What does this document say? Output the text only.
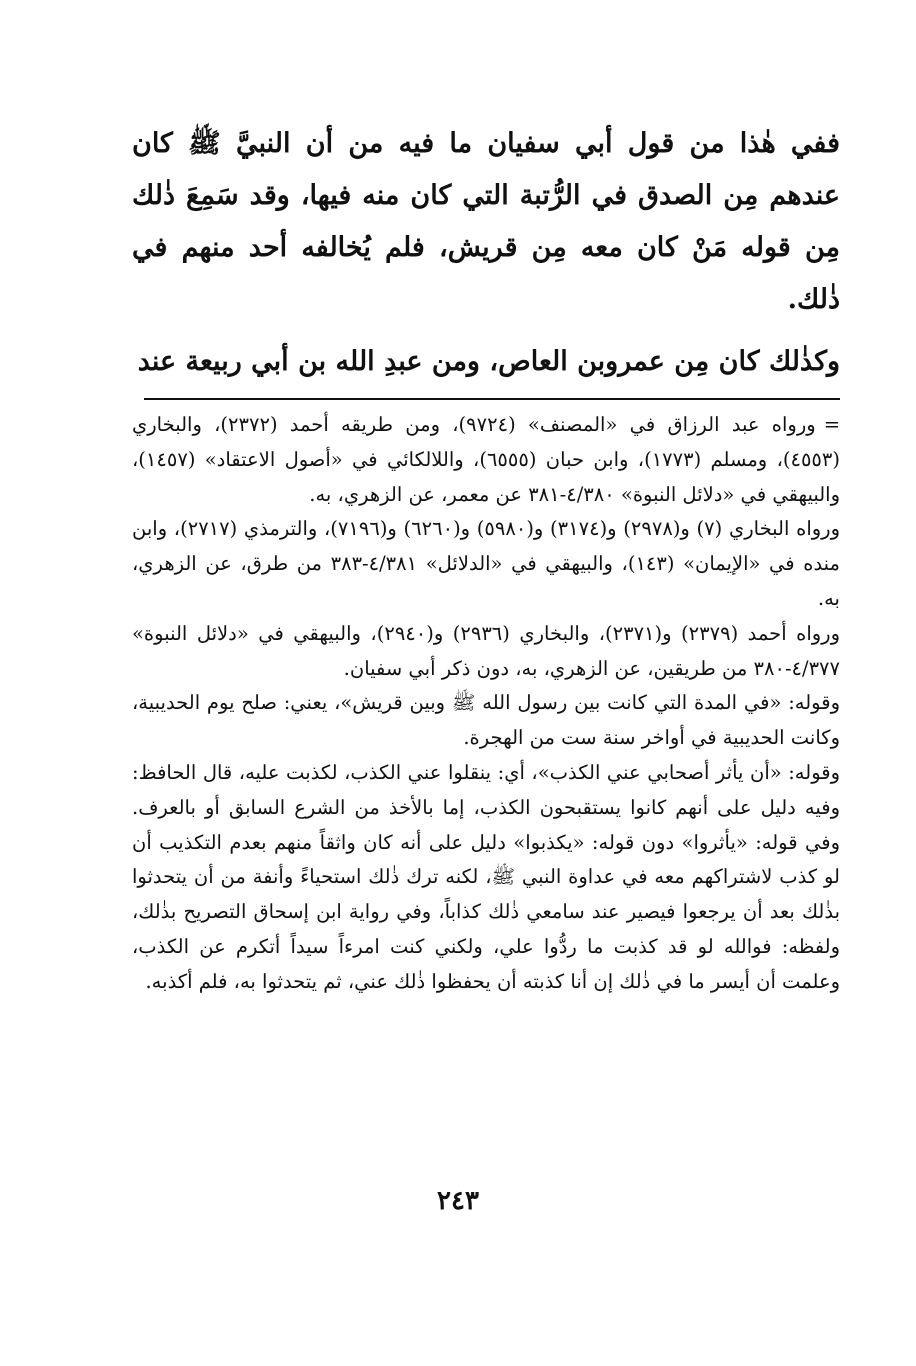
ففي هٰذا من قول أبي سفيان ما فيه من أن النبيَّ ﷺ كان عندهم مِن الصدق في الرُّتبة التي كان منه فيها، وقد سَمِعَ ذٰلك مِن قوله مَنْ كان معه مِن قريش، فلم يُخالفه أحد منهم في ذٰلك.

وكذٰلك كان مِن عمروبن العاص، ومن عبدِ الله بن أبي ربيعة عند

=ورواه عبد الرزاق في «المصنف» (٩٧٢٤)، ومن طريقه أحمد (٢٣٧٢)، والبخاري (٤٥٥٣)، ومسلم (١٧٧٣)، وابن حبان (٦٥٥٥)، واللالكائي في «أصول الاعتقاد» (١٤٥٧)، والبيهقي في «دلائل النبوة» ٤/٣٨٠-٣٨١ عن معمر، عن الزهري، به.

ورواه البخاري (٧) و(٢٩٧٨) و(٣١٧٤) و(٥٩٨٠) و(٦٢٦٠) و(٧١٩٦)، والترمذي (٢٧١٧)، وابن منده في «الإيمان» (١٤٣)، والبيهقي في «الدلائل» ٤/٣٨١-٣٨٣ من طرق، عن الزهري، به.

ورواه أحمد (٢٣٧٩) و(٢٣٧١)، والبخاري (٢٩٣٦) و(٢٩٤٠)، والبيهقي في «دلائل النبوة» ٤/٣٧٧-٣٨٠ من طريقين، عن الزهري، به، دون ذكر أبي سفيان.

وقوله: «في المدة التي كانت بين رسول الله ﷺ وبين قريش»، يعني: صلح يوم الحديبية، وكانت الحديبية في أواخر سنة ست من الهجرة.

وقوله: «أن يأثر أصحابي عني الكذب»، أي: ينقلوا عني الكذب، لكذبت عليه، قال الحافظ: وفيه دليل على أنهم كانوا يستقبحون الكذب، إما بالأخذ من الشرع السابق أو بالعرف. وفي قوله: «يأثروا» دون قوله: «يكذبوا» دليل على أنه كان واثقاً منهم بعدم التكذيب أن لو كذب لاشتراكهم معه في عداوة النبي ﷺ، لكنه ترك ذٰلك استحياءً وأنفة من أن يتحدثوا بذٰلك بعد أن يرجعوا فيصير عند سامعي ذٰلك كذاباً، وفي رواية ابن إسحاق التصريح بذٰلك، ولفظه: فوالله لو قد كذبت ما ردُّوا علي، ولكني كنت امرءاً سيداً أتكرم عن الكذب، وعلمت أن أيسر ما في ذٰلك إن أنا كذبته أن يحفظوا ذٰلك عني، ثم يتحدثوا به، فلم أكذبه.

٢٤٣
